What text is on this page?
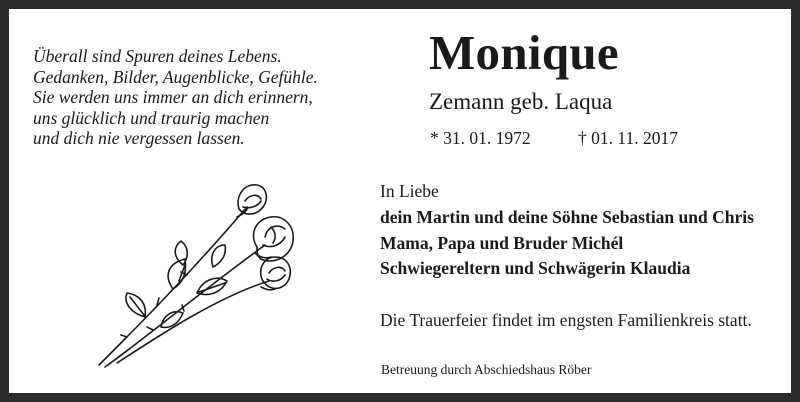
Überall sind Spuren deines Lebens.
Gedanken, Bilder, Augenblicke, Gefühle.
Sie werden uns immer an dich erinnern,
uns glücklich und traurig machen
und dich nie vergessen lassen.
Monique
Zemann geb. Laqua
* 31. 01. 1972	† 01. 11. 2017
In Liebe
dein Martin und deine Söhne Sebastian und Chris
Mama, Papa und Bruder Michél
Schwiegereltern und Schwägerin Klaudia
Die Trauerfeier findet im engsten Familienkreis statt.
Betreuung durch Abschiedshaus Röber
